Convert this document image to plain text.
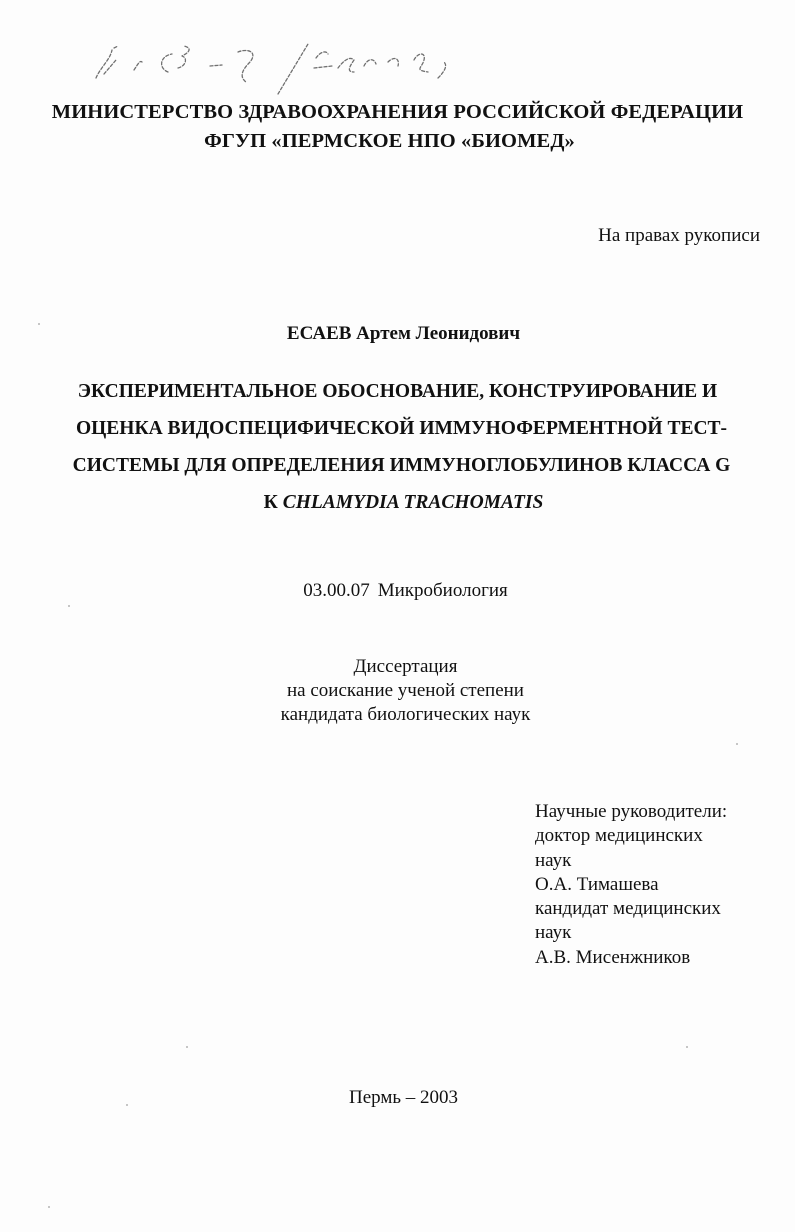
МИНИСТЕРСТВО ЗДРАВООХРАНЕНИЯ РОССИЙСКОЙ ФЕДЕРАЦИИ
ФГУП «ПЕРМСКОЕ НПО «БИОМЕД»
На правах рукописи
ЕСАЕВ Артем Леонидович
ЭКСПЕРИМЕНТАЛЬНОЕ ОБОСНОВАНИЕ, КОНСТРУИРОВАНИЕ И
ОЦЕНКА ВИДОСПЕЦИФИЧЕСКОЙ ИММУНОФЕРМЕНТНОЙ ТЕСТ-
СИСТЕМЫ ДЛЯ ОПРЕДЕЛЕНИЯ ИММУНОГЛОБУЛИНОВ КЛАССА G
К CHLAMYDIA TRACHOMATIS
03.00.07 Микробиология
Диссертация
на соискание ученой степени
кандидата биологических наук
Научные руководители:
доктор медицинских
наук
О.А. Тимашева
кандидат медицинских
наук
А.В. Мисенжников
Пермь – 2003
